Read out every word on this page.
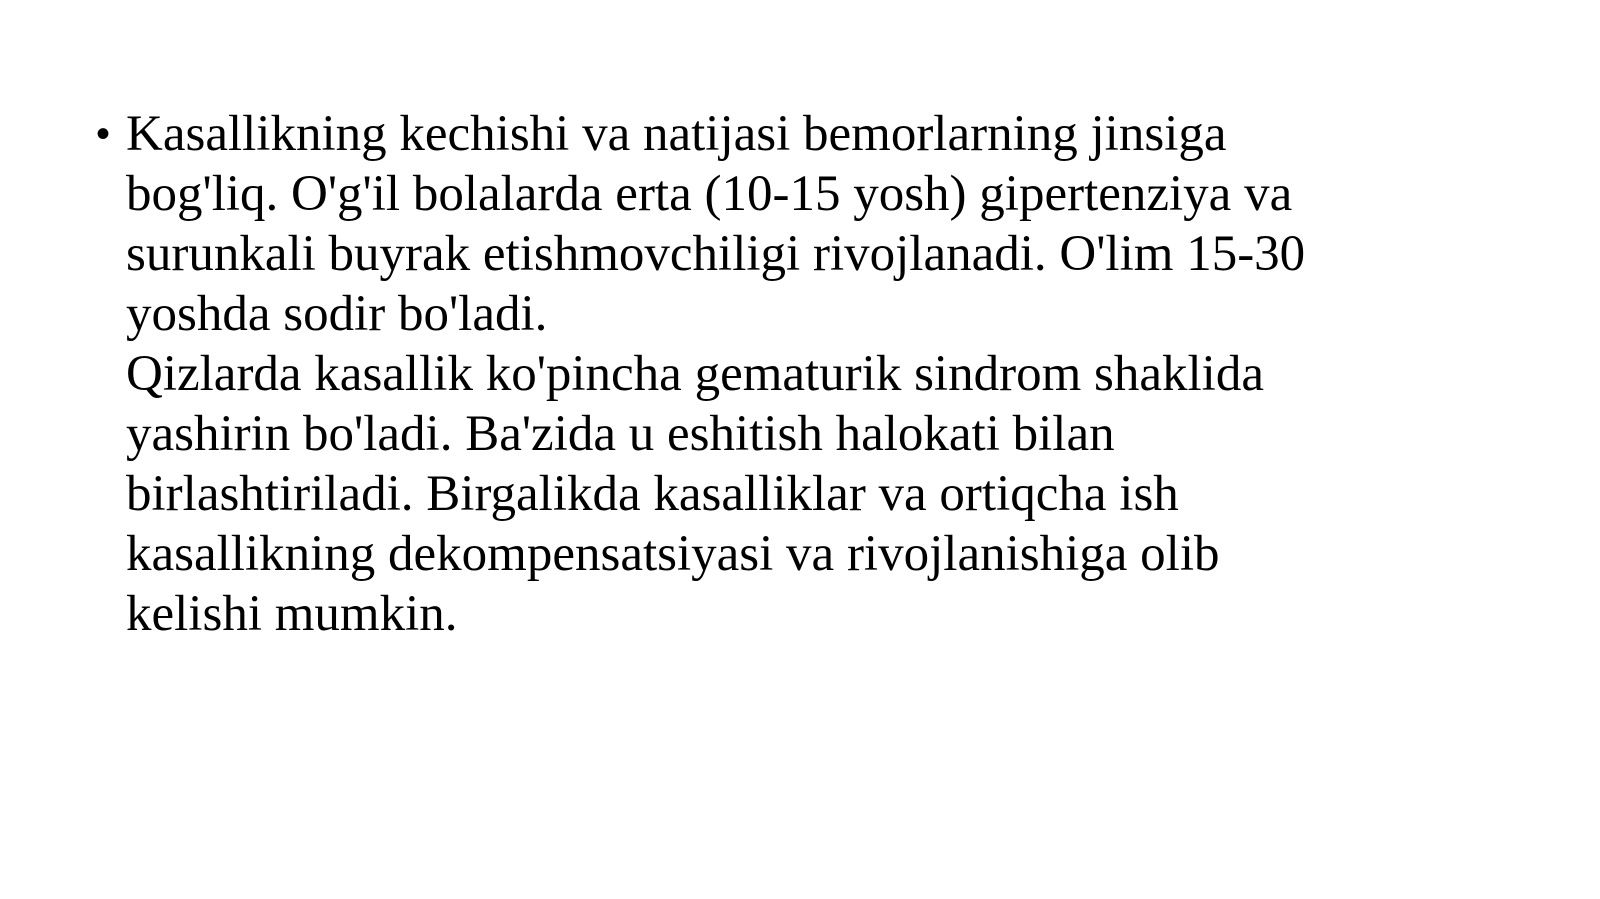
• Kasallikning kechishi va natijasi bemorlarning jinsiga
bog'liq. O'g'il bolalarda erta (10-15 yosh) gipertenziya va
surunkali buyrak etishmovchiligi rivojlanadi. O'lim 15-30
yoshda sodir bo'ladi.
Qizlarda kasallik ko'pincha gematurik sindrom shaklida
yashirin bo'ladi. Ba'zida u eshitish halokati bilan
birlashtiriladi. Birgalikda kasalliklar va ortiqcha ish
kasallikning dekompensatsiyasi va rivojlanishiga olib
kelishi mumkin.
